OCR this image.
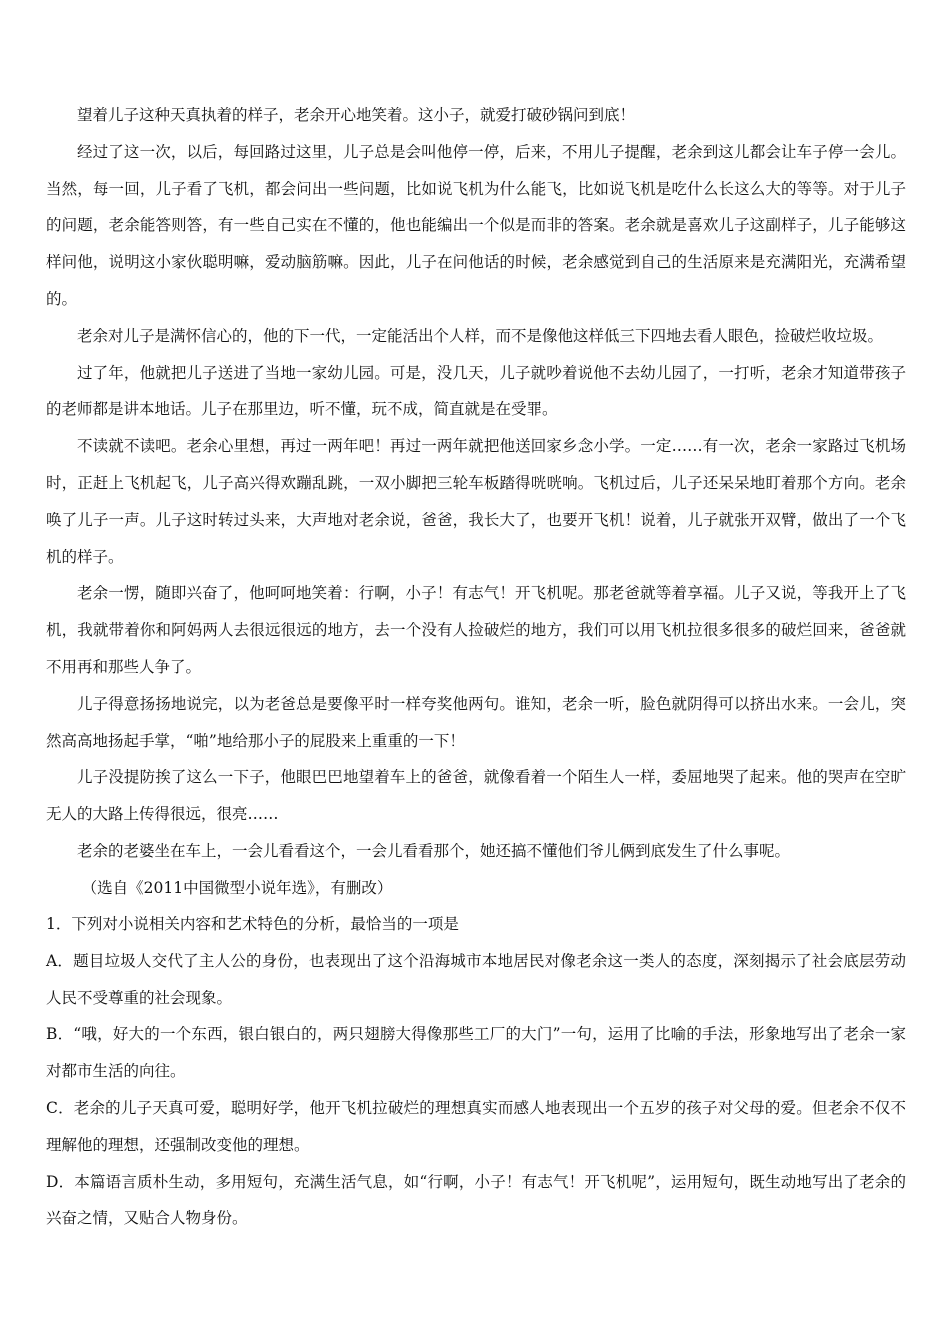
望着儿子这种天真执着的样子，老余开心地笑着。这小子，就爱打破砂锅问到底！

经过了这一次，以后，每回路过这里，儿子总是会叫他停一停，后来，不用儿子提醒，老余到这儿都会让车子停一会儿。当然，每一回，儿子看了飞机，都会问出一些问题，比如说飞机为什么能飞，比如说飞机是吃什么长这么大的等等。对于儿子的问题，老余能答则答，有一些自己实在不懂的，他也能编出一个似是而非的答案。老余就是喜欢儿子这副样子，儿子能够这样问他，说明这小家伙聪明嘛，爱动脑筋嘛。因此，儿子在问他话的时候，老余感觉到自己的生活原来是充满阳光，充满希望的。

老余对儿子是满怀信心的，他的下一代，一定能活出个人样，而不是像他这样低三下四地去看人眼色，捡破烂收垃圾。

过了年，他就把儿子送进了当地一家幼儿园。可是，没几天，儿子就吵着说他不去幼儿园了，一打听，老余才知道带孩子的老师都是讲本地话。儿子在那里边，听不懂，玩不成，简直就是在受罪。

不读就不读吧。老余心里想，再过一两年吧！再过一两年就把他送回家乡念小学。一定……有一次，老余一家路过飞机场时，正赶上飞机起飞，儿子高兴得欢蹦乱跳，一双小脚把三轮车板踏得咣咣响。飞机过后，儿子还呆呆地盯着那个方向。老余唤了儿子一声。儿子这时转过头来，大声地对老余说，爸爸，我长大了，也要开飞机！说着，儿子就张开双臂，做出了一个飞机的样子。

老余一愣，随即兴奋了，他呵呵地笑着：行啊，小子！有志气！开飞机呢。那老爸就等着享福。儿子又说，等我开上了飞机，我就带着你和阿妈两人去很远很远的地方，去一个没有人捡破烂的地方，我们可以用飞机拉很多很多的破烂回来，爸爸就不用再和那些人争了。

儿子得意扬扬地说完，以为老爸总是要像平时一样夸奖他两句。谁知，老余一听，脸色就阴得可以挤出水来。一会儿，突然高高地扬起手掌，“啪”地给那小子的屁股来上重重的一下！

儿子没提防挨了这么一下子，他眼巴巴地望着车上的爸爸，就像看着一个陌生人一样，委屈地哭了起来。他的哭声在空旷无人的大路上传得很远，很亮……

老余的老婆坐在车上，一会儿看看这个，一会儿看看那个，她还搞不懂他们爷儿俩到底发生了什么事呢。

（选自《2011中国微型小说年选》，有删改）

1．下列对小说相关内容和艺术特色的分析，最恰当的一项是

A．题目垃圾人交代了主人公的身份，也表现出了这个沿海城市本地居民对像老余这一类人的态度，深刻揭示了社会底层劳动人民不受尊重的社会现象。

B．“哦，好大的一个东西，银白银白的，两只翅膀大得像那些工厂的大门”一句，运用了比喻的手法，形象地写出了老余一家对都市生活的向往。

C．老余的儿子天真可爱，聪明好学，他开飞机拉破烂的理想真实而感人地表现出一个五岁的孩子对父母的爱。但老余不仅不理解他的理想，还强制改变他的理想。

D．本篇语言质朴生动，多用短句，充满生活气息，如“行啊，小子！有志气！开飞机呢”，运用短句，既生动地写出了老余的兴奋之情，又贴合人物身份。
